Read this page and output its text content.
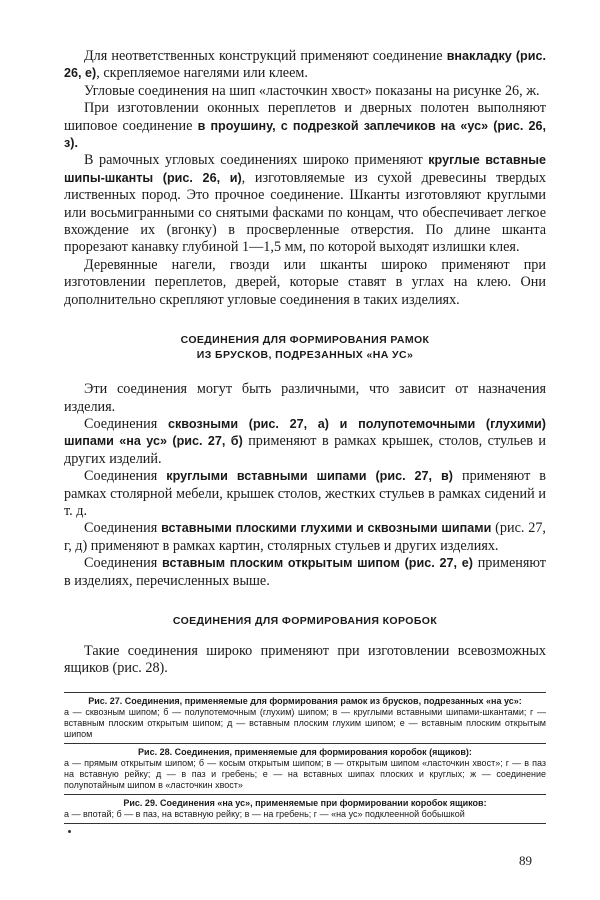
Для неответственных конструкций применяют соединение внакладку (рис. 26, е), скрепляемое нагелями или клеем.

Угловые соединения на шип «ласточкин хвост» показаны на рисунке 26, ж.

При изготовлении оконных переплетов и дверных полотен выполняют шиповое соединение в проушину, с подрезкой заплечиков на «ус» (рис. 26, з).

В рамочных угловых соединениях широко применяют круглые вставные шипы-шканты (рис. 26, и), изготовляемые из сухой древесины твердых лиственных пород. Это прочное соединение. Шканты изготовляют круглыми или восьмигранными со снятыми фасками по концам, что обеспечивает легкое вхождение их (вгонку) в просверленные отверстия. По длине шканта прорезают канавку глубиной 1—1,5 мм, по которой выходят излишки клея.

Деревянные нагели, гвозди или шканты широко применяют при изготовлении переплетов, дверей, которые ставят в углах на клею. Они дополнительно скрепляют угловые соединения в таких изделиях.

СОЕДИНЕНИЯ ДЛЯ ФОРМИРОВАНИЯ РАМОК
ИЗ БРУСКОВ, ПОДРЕЗАННЫХ «НА УС»

Эти соединения могут быть различными, что зависит от назначения изделия.

Соединения сквозными (рис. 27, а) и полупотемочными (глухими) шипами «на ус» (рис. 27, б) применяют в рамках крышек, столов, стульев и других изделий.

Соединения круглыми вставными шипами (рис. 27, в) применяют в рамках столярной мебели, крышек столов, жестких стульев в рамках сидений и т. д.

Соединения вставными плоскими глухими и сквозными шипами (рис. 27, г, д) применяют в рамках картин, столярных стульев и других изделиях.

Соединения вставным плоским открытым шипом (рис. 27, е) применяют в изделиях, перечисленных выше.

СОЕДИНЕНИЯ ДЛЯ ФОРМИРОВАНИЯ КОРОБОК

Такие соединения широко применяют при изготовлении всевозможных ящиков (рис. 28).

Рис. 27. Соединения, применяемые для формирования рамок из брусков, подрезанных «на ус»:
а — сквозным шипом; б — полупотемочным (глухим) шипом; в — круглыми вставными шипами-шкантами; г — вставным плоским открытым шипом; д — вставным плоским глухим шипом; е — вставным плоским открытым шипом
Рис. 28. Соединения, применяемые для формирования коробок (ящиков):
а — прямым открытым шипом; б — косым открытым шипом; в — открытым шипом «ласточкин хвост»; г — в паз на вставную рейку; д — в паз и гребень; е — на вставных шипах плоских и круглых; ж — соединение полупотайным шипом в «ласточкин хвост»
Рис. 29. Соединения «на ус», применяемые при формировании коробок ящиков:
а — впотай; б — в паз, на вставную рейку; в — на гребень; г — «на ус» подклеенной бобышкой
89
